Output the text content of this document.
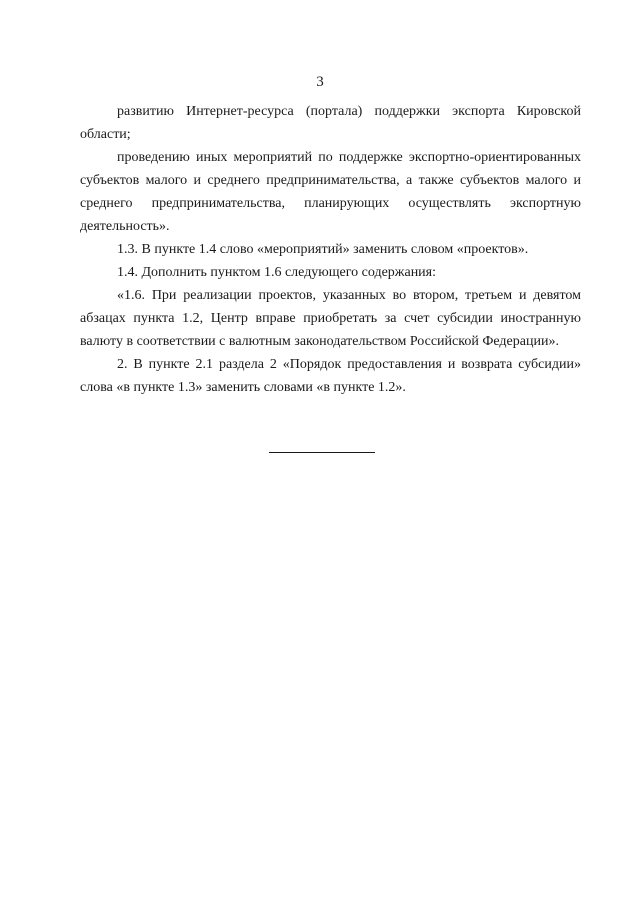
3

развитию Интернет-ресурса (портала) поддержки экспорта Кировской области;

проведению иных мероприятий по поддержке экспортно-ориентированных субъектов малого и среднего предпринимательства, а также субъектов малого и среднего предпринимательства, планирующих осуществлять экспортную деятельность».

1.3. В пункте 1.4 слово «мероприятий» заменить словом «проектов».

1.4. Дополнить пунктом 1.6 следующего содержания:

«1.6. При реализации проектов, указанных во втором, третьем и девятом абзацах пункта 1.2, Центр вправе приобретать за счет субсидии иностранную валюту в соответствии с валютным законодательством Российской Федерации».

2. В пункте 2.1 раздела 2 «Порядок предоставления и возврата субсидии» слова «в пункте 1.3» заменить словами «в пункте 1.2».
